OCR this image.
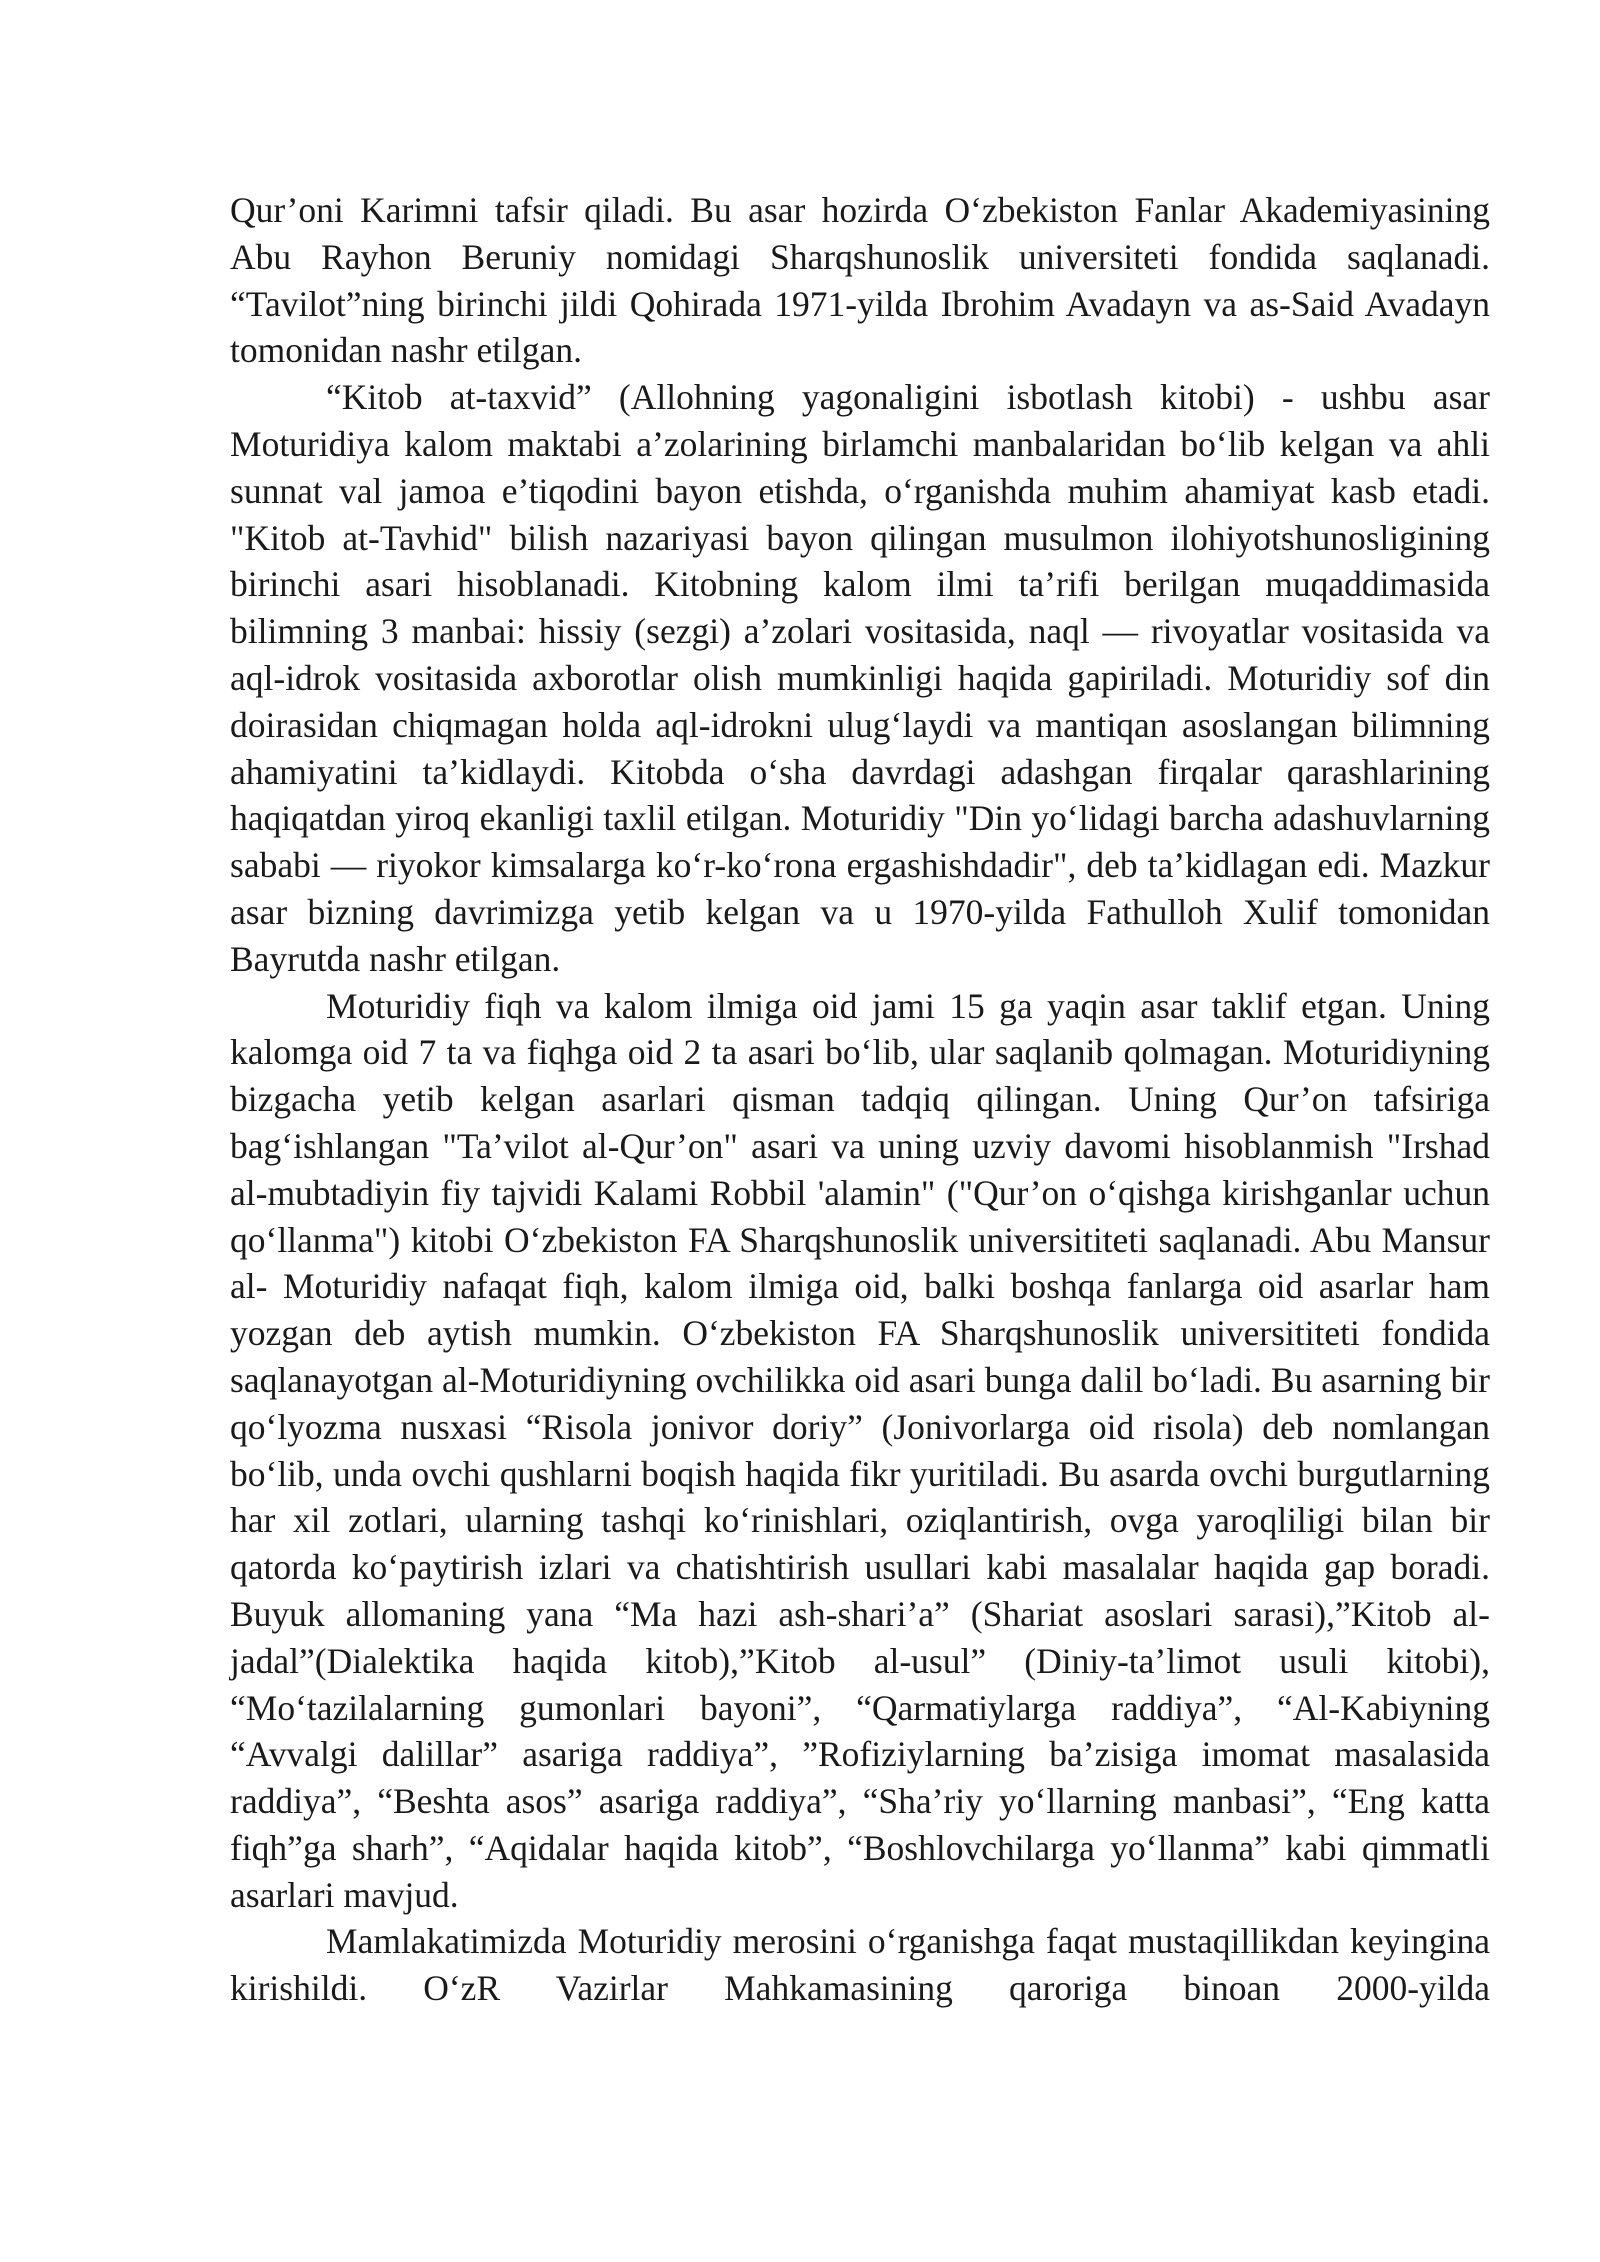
Qur’oni Karimni tafsir qiladi. Bu asar hozirda O‘zbekiston Fanlar Akademiyasining Abu Rayhon Beruniy nomidagi Sharqshunoslik universiteti fondida saqlanadi. “Tavilot”ning birinchi jildi Qohirada 1971-yilda Ibrohim Avadayn va as-Said Avadayn tomonidan nashr etilgan.

“Kitob at-taxvid” (Allohning yagonaligini isbotlash kitobi) - ushbu asar Moturidiya kalom maktabi a’zolarining birlamchi manbalaridan bo‘lib kelgan va ahli sunnat val jamoa e’tiqodini bayon etishda, o‘rganishda muhim ahamiyat kasb etadi. "Kitob at-Tavhid" bilish nazariyasi bayon qilingan musulmon ilohiyotshunosligining birinchi asari hisoblanadi. Kitobning kalom ilmi ta’rifi berilgan muqaddimasida bilimning 3 manbai: hissiy (sezgi) a’zolari vositasida, naql — rivoyatlar vositasida va aql-idrok vositasida axborotlar olish mumkinligi haqida gapiriladi. Moturidiy sof din doirasidan chiqmagan holda aql-idrokni ulug‘laydi va mantiqan asoslangan bilimning ahamiyatini ta’kidlaydi. Kitobda o‘sha davrdagi adashgan firqalar qarashlarining haqiqatdan yiroq ekanligi taxlil etilgan. Moturidiy "Din yo‘lidagi barcha adashuvlarning sababi — riyokor kimsalarga ko‘r-ko‘rona ergashishdadir", deb ta’kidlagan edi. Mazkur asar bizning davrimizga yetib kelgan va u 1970-yilda Fathulloh Xulif tomonidan Bayrutda nashr etilgan.

Moturidiy fiqh va kalom ilmiga oid jami 15 ga yaqin asar taklif etgan. Uning kalomga oid 7 ta va fiqhga oid 2 ta asari bo‘lib, ular saqlanib qolmagan. Moturidiyning bizgacha yetib kelgan asarlari qisman tadqiq qilingan. Uning Qur’on tafsiriga bag‘ishlangan "Ta’vilot al-Qur’on" asari va uning uzviy davomi hisoblanmish "Irshad al-mubtadiyin fiy tajvidi Kalami Robbil 'alamin" ("Qur’on o‘qishga kirishganlar uchun qo‘llanma") kitobi O‘zbekiston FA Sharqshunoslik universititeti saqlanadi. Abu Mansur al- Moturidiy nafaqat fiqh, kalom ilmiga oid, balki boshqa fanlarga oid asarlar ham yozgan deb aytish mumkin. O‘zbekiston FA Sharqshunoslik universititeti fondida saqlanayotgan al-Moturidiyning ovchilikka oid asari bunga dalil bo‘ladi. Bu asarning bir qo‘lyozma nusxasi “Risola jonivor doriy” (Jonivorlarga oid risola) deb nomlangan bo‘lib, unda ovchi qushlarni boqish haqida fikr yuritiladi. Bu asarda ovchi burgutlarning har xil zotlari, ularning tashqi ko‘rinishlari, oziqlantirish, ovga yaroqliligi bilan bir qatorda ko‘paytirish izlari va chatishtirish usullari kabi masalalar haqida gap boradi. Buyuk allomaning yana “Ma hazi ash-shari’a” (Shariat asoslari sarasi),”Kitob al-jadal”(Dialektika haqida kitob),”Kitob al-usul” (Diniy-ta’limot usuli kitobi), “Mo‘tazilalarning gumonlari bayoni”, “Qarmatiylarga raddiya”, “Al-Kabiyning “Avvalgi dalillar” asariga raddiya”, ”Rofiziylarning ba’zisiga imomat masalasida raddiya”, “Beshta asos” asariga raddiya”, “Sha’riy yo‘llarning manbasi”, “Eng katta fiqh”ga sharh”, “Aqidalar haqida kitob”, “Boshlovchilarga yo‘llanma” kabi qimmatli asarlari mavjud.

Mamlakatimizda Moturidiy merosini o‘rganishga faqat mustaqillikdan keyingina kirishildi. O‘zR Vazirlar Mahkamasining qaroriga binoan 2000-yilda
